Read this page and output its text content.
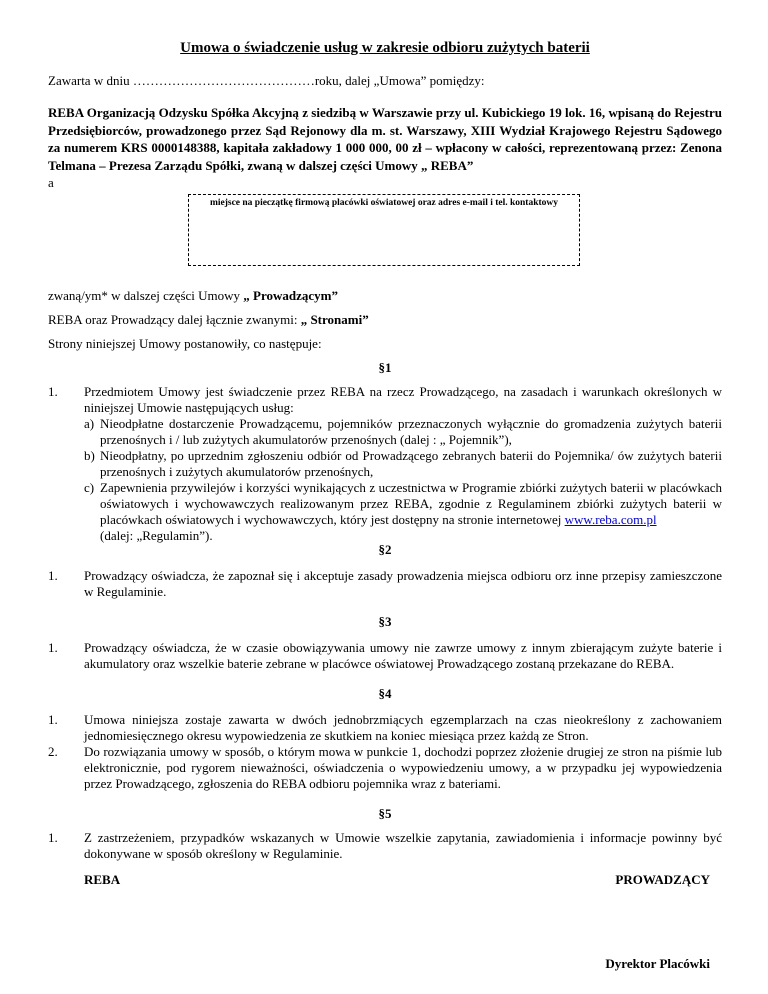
Umowa o świadczenie usług w zakresie odbioru zużytych baterii
Zawarta w dniu ……………………………………roku, dalej „Umowa” pomiędzy:
REBA Organizacją Odzysku Spółka Akcyjną z siedzibą w Warszawie przy ul. Kubickiego 19 lok. 16, wpisaną do Rejestru Przedsiębiorców, prowadzonego przez Sąd Rejonowy dla m. st. Warszawy, XIII Wydział Krajowego Rejestru Sądowego za numerem KRS 0000148388, kapitała zakładowy 1 000 000, 00 zł – wpłacony w całości, reprezentowaną przez: Zenona Telmana – Prezesa Zarządu Spółki, zwaną w dalszej części Umowy „ REBA”
a
miejsce na pieczątkę firmową placówki oświatowej oraz adres e-mail i tel. kontaktowy
zwaną/ym* w dalszej części Umowy „ Prowadzącym”
REBA oraz Prowadzący dalej łącznie zwanymi: „ Stronami”
Strony niniejszej Umowy postanowiły, co następuje:
§1
1.	Przedmiotem Umowy jest świadczenie przez REBA na rzecz Prowadzącego, na zasadach i warunkach określonych w niniejszej Umowie następujących usług:
a) Nieodpłatne dostarczenie Prowadzącemu, pojemników przeznaczonych wyłącznie do gromadzenia zużytych baterii przenośnych i / lub zużytych akumulatorów przenośnych (dalej : „ Pojemnik”),
b) Nieodpłatny, po uprzednim zgłoszeniu odbiór od Prowadzącego zebranych baterii do Pojemnika/ ów zużytych baterii przenośnych i zużytych akumulatorów przenośnych,
c) Zapewnienia przywilejów i korzyści wynikających z uczestnictwa w Programie zbiórki zużytych baterii w placówkach oświatowych i wychowawczych realizowanym przez REBA, zgodnie z Regulaminem zbiórki zużytych baterii w placówkach oświatowych i wychowawczych, który jest dostępny na stronie internetowej www.reba.com.pl
(dalej: „Regulamin”).
§2
1.	Prowadzący oświadcza, że zapoznał się i akceptuje zasady prowadzenia miejsca odbioru orz inne przepisy zamieszczone w Regulaminie.
§3
1.	Prowadzący oświadcza, że w czasie obowiązywania umowy nie zawrze umowy z innym zbierającym zużyte baterie i akumulatory oraz wszelkie baterie zebrane w placówce oświatowej Prowadzącego zostaną przekazane do REBA.
§4
1.	Umowa niniejsza zostaje zawarta w dwóch jednobrzmiących egzemplarzach na czas nieokreślony z zachowaniem jednomiesięcznego okresu wypowiedzenia ze skutkiem na koniec miesiąca przez każdą ze Stron.
2.	Do rozwiązania umowy w sposób, o którym mowa w punkcie 1, dochodzi poprzez złożenie drugiej ze stron na piśmie lub elektronicznie, pod rygorem nieważności, oświadczenia o wypowiedzeniu umowy, a w przypadku jej wypowiedzenia przez Prowadzącego, zgłoszenia do REBA odbioru pojemnika wraz z bateriami.
§5
1.	Z zastrzeżeniem, przypadków wskazanych w Umowie wszelkie zapytania, zawiadomienia i informacje powinny być dokonywane w sposób określony w Regulaminie.
REBA	PROWADZĄCY
Dyrektor Placówki
